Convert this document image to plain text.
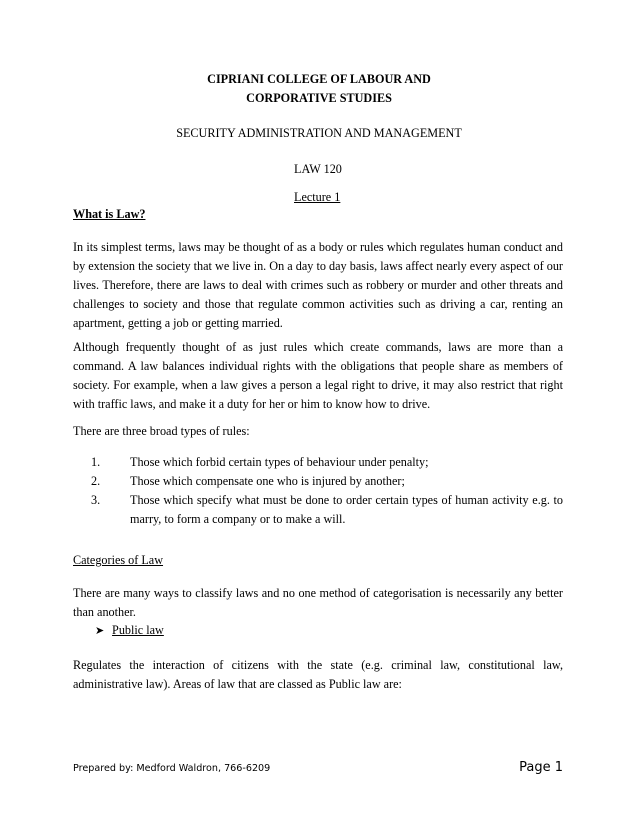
CIPRIANI COLLEGE OF LABOUR AND
CORPORATIVE STUDIES
SECURITY ADMINISTRATION AND MANAGEMENT
LAW 120
Lecture 1
What is Law?

In its simplest terms, laws may be thought of as a body or rules which regulates human conduct and by extension the society that we live in. On a day to day basis, laws affect nearly every aspect of our lives. Therefore, there are laws to deal with crimes such as robbery or murder and other threats and challenges to society and those that regulate common activities such as driving a car, renting an apartment, getting a job or getting married.

Although frequently thought of as just rules which create commands, laws are more than a command. A law balances individual rights with the obligations that people share as members of society. For example, when a law gives a person a legal right to drive, it may also restrict that right with traffic laws, and make it a duty for her or him to know how to drive.

There are three broad types of rules:

1. Those which forbid certain types of behaviour under penalty;
2. Those which compensate one who is injured by another;
3. Those which specify what must be done to order certain types of human activity e.g. to marry, to form a company or to make a will.
Categories of Law

There are many ways to classify laws and no one method of categorisation is necessarily any better than another.

➤ Public law

Regulates the interaction of citizens with the state (e.g. criminal law, constitutional law, administrative law). Areas of law that are classed as Public law are:

Prepared by: Medford Waldron, 766-6209	Page 1
